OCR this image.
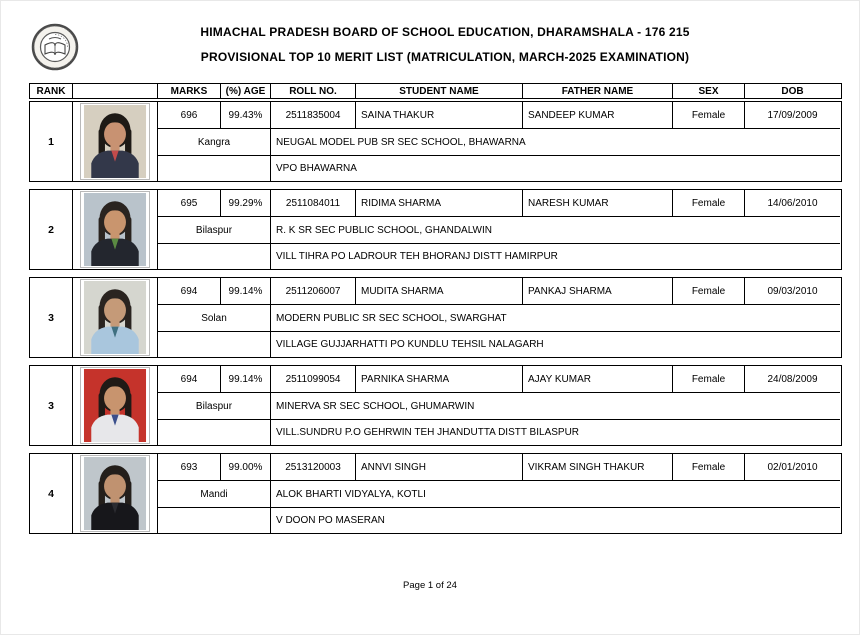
HIMACHAL PRADESH BOARD OF SCHOOL EDUCATION, DHARAMSHALA - 176 215
PROVISIONAL TOP 10 MERIT LIST (MATRICULATION, MARCH-2025 EXAMINATION)
RANK	MARKS	(%) AGE	ROLL NO.	STUDENT NAME	FATHER NAME	SEX	DOB
1
696	99.43%	2511835004	SAINA THAKUR	SANDEEP KUMAR	Female	17/09/2009
Kangra	NEUGAL MODEL PUB SR SEC SCHOOL, BHAWARNA
VPO BHAWARNA
2
695	99.29%	2511084011	RIDIMA SHARMA	NARESH KUMAR	Female	14/06/2010
Bilaspur	R. K SR SEC PUBLIC SCHOOL, GHANDALWIN
VILL TIHRA PO LADROUR TEH BHORANJ DISTT HAMIRPUR
3
694	99.14%	2511206007	MUDITA SHARMA	PANKAJ SHARMA	Female	09/03/2010
Solan	MODERN PUBLIC SR SEC SCHOOL, SWARGHAT
VILLAGE GUJJARHATTI PO KUNDLU TEHSIL NALAGARH
3
694	99.14%	2511099054	PARNIKA SHARMA	AJAY KUMAR	Female	24/08/2009
Bilaspur	MINERVA SR SEC SCHOOL, GHUMARWIN
VILL.SUNDRU P.O GEHRWIN TEH JHANDUTTA DISTT BILASPUR
4
693	99.00%	2513120003	ANNVI SINGH	VIKRAM SINGH THAKUR	Female	02/01/2010
Mandi	ALOK BHARTI VIDYALYA, KOTLI
V DOON PO MASERAN
Page 1 of 24
